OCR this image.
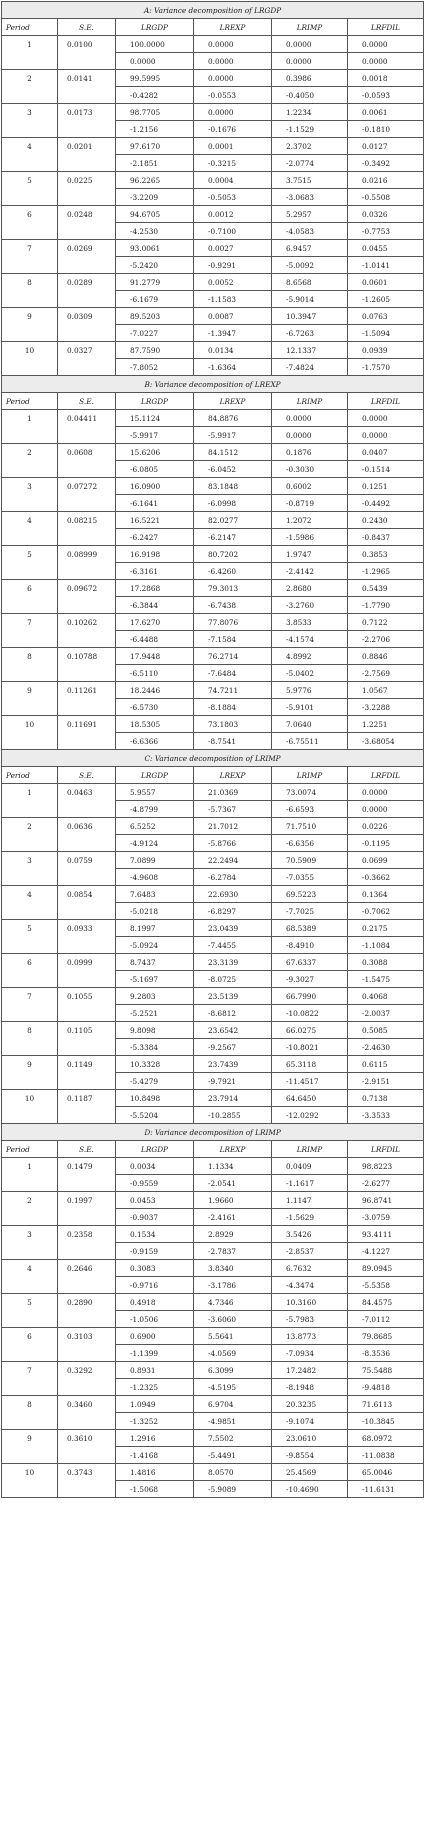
A: Variance decomposition of LRGDP					
Period	S.E.	LRGDP	LREXP	LRIMP	LRFDIL
1	0.0100	100.0000	0.0000	0.0000	0.0000
		0.0000	0.0000	0.0000	0.0000
2	0.0141	99.5995	0.0000	0.3986	0.0018
		-0.4282	-0.0553	-0.4050	-0.0593
3	0.0173	98.7705	0.0000	1.2234	0.0061
		-1.2156	-0.1676	-1.1529	-0.1810
4	0.0201	97.6170	0.0001	2.3702	0.0127
		-2.1851	-0.3215	-2.0774	-0.3492
5	0.0225	96.2265	0.0004	3.7515	0.0216
		-3.2209	-0.5053	-3.0683	-0.5508
6	0.0248	94.6705	0.0012	5.2957	0.0326
		-4.2530	-0.7100	-4.0583	-0.7753
7	0.0269	93.0061	0.0027	6.9457	0.0455
		-5.2420	-0.9291	-5.0092	-1.0141
8	0.0289	91.2779	0.0052	8.6568	0.0601
		-6.1679	-1.1583	-5.9014	-1.2605
9	0.0309	89.5203	0.0087	10.3947	0.0763
		-7.0227	-1.3947	-6.7263	-1.5094
10	0.0327	87.7590	0.0134	12.1337	0.0939
		-7.8052	-1.6364	-7.4824	-1.7570
B: Variance decomposition of LREXP					
Period	S.E.	LRGDP	LREXP	LRIMP	LRFDIL
1	0.04411	15.1124	84.8876	0.0000	0.0000
		-5.9917	-5.9917	0.0000	0.0000
2	0.0608	15.6206	84.1512	0.1876	0.0407
		-6.0805	-6.0452	-0.3030	-0.1514
3	0.07272	16.0900	83.1848	0.6002	0.1251
		-6.1641	-6.0998	-0.8719	-0.4492
4	0.08215	16.5221	82.0277	1.2072	0.2430
		-6.2427	-6.2147	-1.5986	-0.8437
5	0.08999	16.9198	80.7202	1.9747	0.3853
		-6.3161	-6.4260	-2.4142	-1.2965
6	0.09672	17.2868	79.3013	2.8680	0.5439
		-6.3844	-6.7438	-3.2760	-1.7790
7	0.10262	17.6270	77.8076	3.8533	0.7122
		-6.4488	-7.1584	-4.1574	-2.2706
8	0.10788	17.9448	76.2714	4.8992	0.8846
		-6.5110	-7.6484	-5.0402	-2.7569
9	0.11261	18.2446	74.7211	5.9776	1.0567
		-6.5730	-8.1884	-5.9101	-3.2288
10	0.11691	18.5305	73.1803	7.0640	1.2251
		-6.6366	-8.7541	-6.75511	-3.68054
C: Variance decomposition of LRIMP					
Period	S.E.	LRGDP	LREXP	LRIMP	LRFDIL
1	0.0463	5.9557	21.0369	73.0074	0.0000
		-4.8799	-5.7367	-6.6593	0.0000
2	0.0636	6.5252	21.7012	71.7510	0.0226
		-4.9124	-5.8766	-6.6356	-0.1195
3	0.0759	7.0899	22.2494	70.5909	0.0699
		-4.9608	-6.2784	-7.0355	-0.3662
4	0.0854	7.6483	22.6930	69.5223	0.1364
		-5.0218	-6.8297	-7.7025	-0.7062
5	0.0933	8.1997	23.0439	68.5389	0.2175
		-5.0924	-7.4455	-8.4910	-1.1084
6	0.0999	8.7437	23.3139	67.6337	0.3088
		-5.1697	-8.0725	-9.3027	-1.5475
7	0.1055	9.2803	23.5139	66.7990	0.4068
		-5.2521	-8.6812	-10.0822	-2.0037
8	0.1105	9.8098	23.6542	66.0275	0.5085
		-5.3384	-9.2567	-10.8021	-2.4630
9	0.1149	10.3328	23.7439	65.3118	0.6115
		-5.4279	-9.7921	-11.4517	-2.9151
10	0.1187	10.8498	23.7914	64.6450	0.7138
		-5.5204	-10.2855	-12.0292	-3.3533
D: Variance decomposition of LRIMP					
Period	S.E.	LRGDP	LREXP	LRIMP	LRFDIL
1	0.1479	0.0034	1.1334	0.0409	98.8223
		-0.9559	-2.0541	-1.1617	-2.6277
2	0.1997	0.0453	1.9660	1.1147	96.8741
		-0.9037	-2.4161	-1.5629	-3.0759
3	0.2358	0.1534	2.8929	3.5426	93.4111
		-0.9159	-2.7837	-2.8537	-4.1227
4	0.2646	0.3083	3.8340	6.7632	89.0945
		-0.9716	-3.1786	-4.3474	-5.5358
5	0.2890	0.4918	4.7346	10.3160	84.4575
		-1.0506	-3.6060	-5.7983	-7.0112
6	0.3103	0.6900	5.5641	13.8773	79.8685
		-1.1399	-4.0569	-7.0934	-8.3536
7	0.3292	0.8931	6.3099	17.2482	75.5488
		-1.2325	-4.5195	-8.1948	-9.4818
8	0.3460	1.0949	6.9704	20.3235	71.6113
		-1.3252	-4.9851	-9.1074	-10.3845
9	0.3610	1.2916	7.5502	23.0610	68.0972
		-1.4168	-5.4491	-9.8554	-11.0838
10	0.3743	1.4816	8.0570	25.4569	65.0046
		-1.5068	-5.9089	-10.4690	-11.6131
